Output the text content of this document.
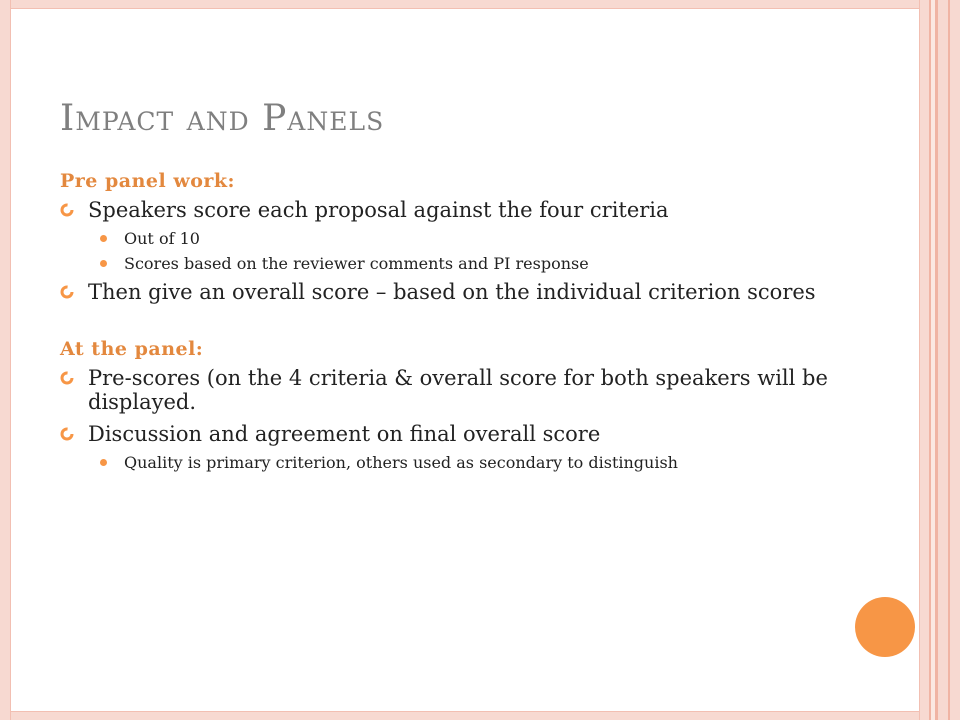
Impact and Panels
Pre panel work:
Speakers score each proposal against the four criteria
Out of 10
Scores based on the reviewer comments and PI response
Then give an overall score – based on the individual criterion scores
At the panel:
Pre-scores (on the 4 criteria & overall score for both speakers will be displayed.
Discussion and agreement on final overall score
Quality is primary criterion, others used as secondary to distinguish
